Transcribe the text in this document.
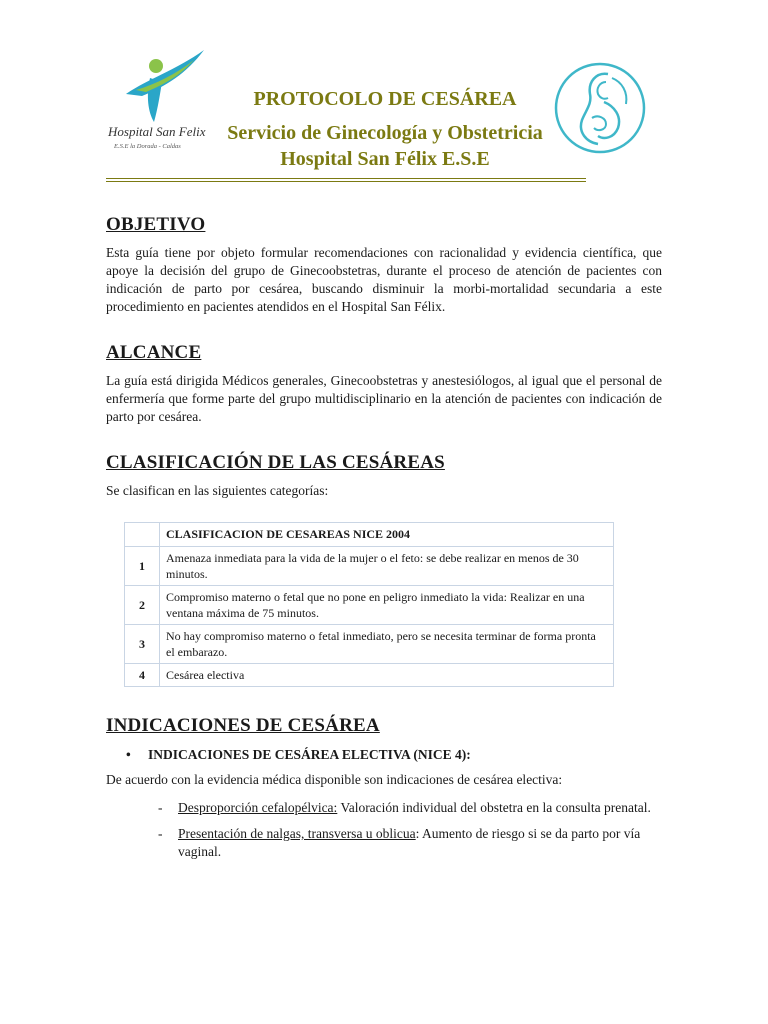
Hospital San Felix
E.S.E la Dorada - Caldas

PROTOCOLO DE CESÁREA

Servicio de Ginecología y Obstetricia

Hospital San Félix E.S.E

OBJETIVO

Esta guía tiene por objeto formular recomendaciones con racionalidad y evidencia científica, que apoye la decisión del grupo de Ginecoobstetras, durante el proceso de atención de pacientes con indicación de parto por cesárea, buscando disminuir la morbi-mortalidad secundaria a este procedimiento en pacientes atendidos en el Hospital San Félix.

ALCANCE

La guía está dirigida Médicos generales, Ginecoobstetras y anestesiólogos, al igual que el personal de enfermería que forme parte del grupo multidisciplinario en la atención de pacientes con indicación de parto por cesárea.

CLASIFICACIÓN DE LAS CESÁREAS

Se clasifican en las siguientes categorías:

	CLASIFICACION DE CESAREAS NICE 2004
1	Amenaza inmediata para la vida de la mujer o el feto: se debe realizar en menos de 30 minutos.
2	Compromiso materno o fetal que no pone en peligro inmediato la vida: Realizar en una ventana máxima de 75 minutos.
3	No hay compromiso materno o fetal inmediato, pero se necesita terminar de forma pronta el embarazo.
4	Cesárea electiva
INDICACIONES DE CESÁREA
• INDICACIONES DE CESÁREA ELECTIVA (NICE 4):

De acuerdo con la evidencia médica disponible son indicaciones de cesárea electiva:

- Desproporción cefalopélvica: Valoración individual del obstetra en la consulta prenatal.
- Presentación de nalgas, transversa u oblicua: Aumento de riesgo si se da parto por vía vaginal.
